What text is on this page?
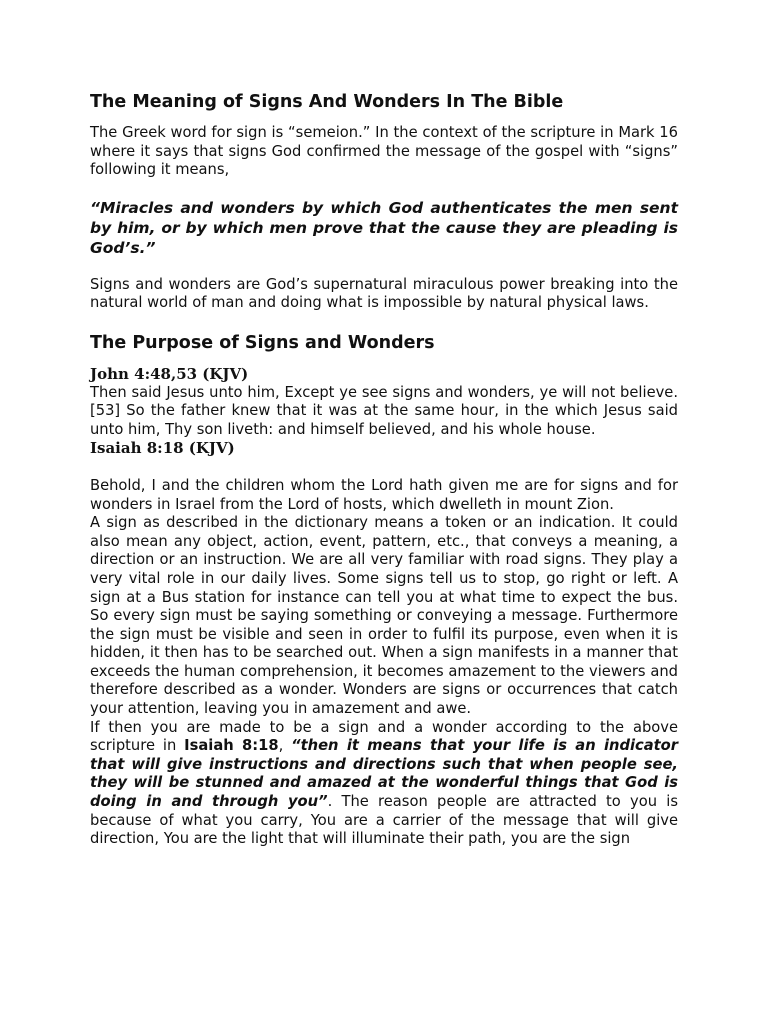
The Meaning of Signs And Wonders In The Bible

The Greek word for sign is “semeion.” In the context of the scripture in Mark 16 where it says that signs God confirmed the message of the gospel with “signs” following it means,

“Miracles and wonders by which God authenticates the men sent by him, or by which men prove that the cause they are pleading is God’s.”

Signs and wonders are God’s supernatural miraculous power breaking into the natural world of man and doing what is impossible by natural physical laws.

The Purpose of Signs and Wonders
John 4:48,53 (KJV)

Then said Jesus unto him, Except ye see signs and wonders, ye will not believe. [53] So the father knew that it was at the same hour, in the which Jesus said unto him, Thy son liveth: and himself believed, and his whole house.

Isaiah 8:18 (KJV)

Behold, I and the children whom the Lord hath given me are for signs and for wonders in Israel from the Lord of hosts, which dwelleth in mount Zion.

A sign as described in the dictionary means a token or an indication. It could also mean any object, action, event, pattern, etc., that conveys a meaning, a direction or an instruction. We are all very familiar with road signs. They play a very vital role in our daily lives. Some signs tell us to stop, go right or left. A sign at a Bus station for instance can tell you at what time to expect the bus. So every sign must be saying something or conveying a message. Furthermore the sign must be visible and seen in order to fulfil its purpose, even when it is hidden, it then has to be searched out. When a sign manifests in a manner that exceeds the human comprehension, it becomes amazement to the viewers and therefore described as a wonder. Wonders are signs or occurrences that catch your attention, leaving you in amazement and awe.

If then you are made to be a sign and a wonder according to the above scripture in Isaiah 8:18, “then it means that your life is an indicator that will give instructions and directions such that when people see, they will be stunned and amazed at the wonderful things that God is doing in and through you”. The reason people are attracted to you is because of what you carry, You are a carrier of the message that will give direction, You are the light that will illuminate their path, you are the sign
